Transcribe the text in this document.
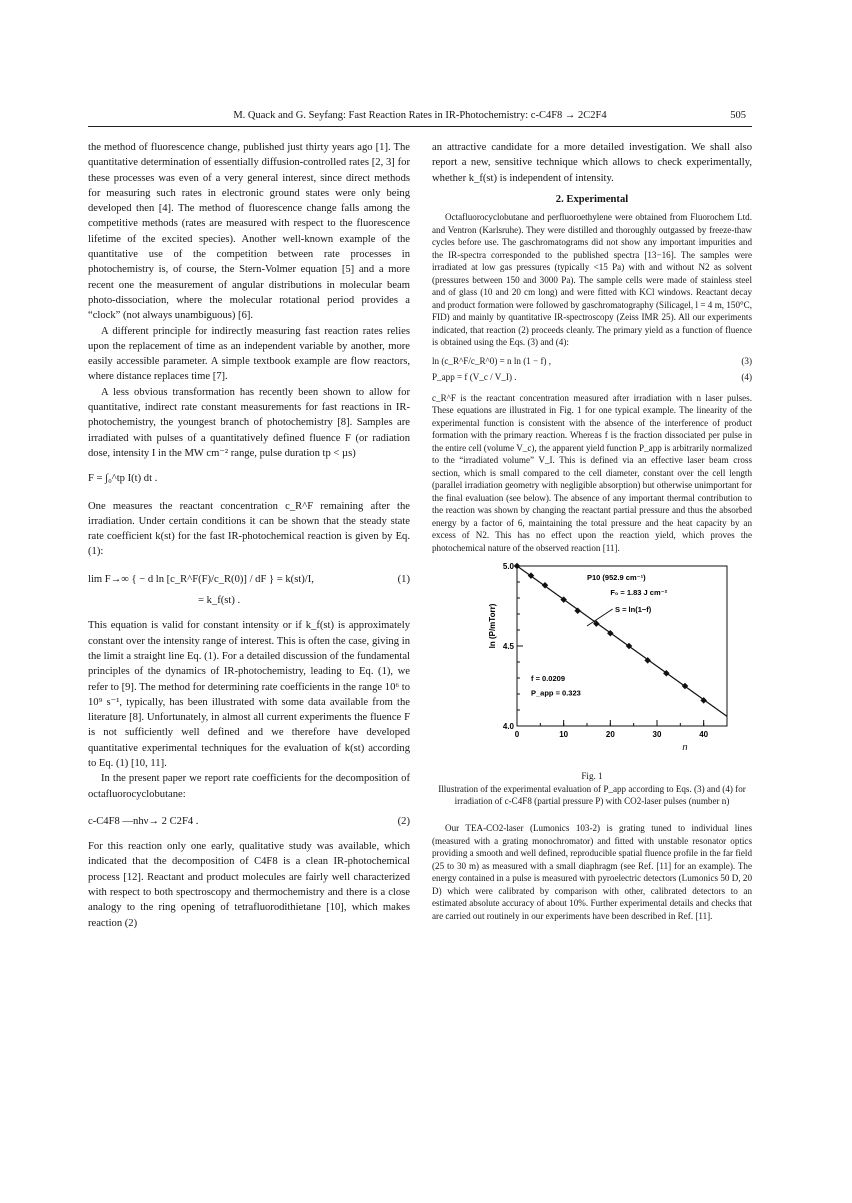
M. Quack and G. Seyfang: Fast Reaction Rates in IR-Photochemistry: c-C4F8 → 2C2F4	505

the method of fluorescence change, published just thirty years ago [1]. The quantitative determination of essentially diffusion-controlled rates [2, 3] for these processes was even of a very general interest, since direct methods for measuring such rates in electronic ground states were only being developed then [4]. The method of fluorescence change falls among the competitive methods (rates are measured with respect to the fluorescence lifetime of the excited species). Another well-known example of the quantitative use of the competition between rate processes in photochemistry is, of course, the Stern-Volmer equation [5] and a more recent one the measurement of angular distributions in molecular beam photo-dissociation, where the molecular rotational period provides a “clock” (not always unambiguous) [6].

A different principle for indirectly measuring fast reaction rates relies upon the replacement of time as an independent variable by another, more easily accessible parameter. A simple textbook example are flow reactors, where distance replaces time [7].

A less obvious transformation has recently been shown to allow for quantitative, indirect rate constant measurements for fast reactions in IR-photochemistry, the youngest branch of photochemistry [8]. Samples are irradiated with pulses of a quantitatively defined fluence F (or radiation dose, intensity I in the MW cm⁻² range, pulse duration tp < µs)

F = ∫₀^tp I(t) dt .

One measures the reactant concentration c_R^F remaining after the irradiation. Under certain conditions it can be shown that the steady state rate coefficient k(st) for the fast IR-photochemical reaction is given by Eq. (1):

lim F→∞ { − d ln [c_R^F(F)/c_R(0)] / dF } = k(st)/I,
= k_f(st) .
(1)

This equation is valid for constant intensity or if k_f(st) is approximately constant over the intensity range of interest. This is often the case, giving in the limit a straight line Eq. (1). For a detailed discussion of the fundamental principles of the dynamics of IR-photochemistry, leading to Eq. (1), we refer to [9]. The method for determining rate coefficients in the range 10⁶ to 10⁹ s⁻¹, typically, has been illustrated with some data available from the literature [8]. Unfortunately, in almost all current experiments the fluence F is not sufficiently well defined and we therefore have developed quantitative experimental techniques for the evaluation of k(st) according to Eq. (1) [10, 11].

In the present paper we report rate coefficients for the decomposition of octafluorocyclobutane:

c-C4F8 —nhν→ 2 C2F4 .	(2)

For this reaction only one early, qualitative study was available, which indicated that the decomposition of C4F8 is a clean IR-photochemical process [12]. Reactant and product molecules are fairly well characterized with respect to both spectroscopy and thermochemistry and there is a close analogy to the ring opening of tetrafluorodithietane [10], which makes reaction (2)

an attractive candidate for a more detailed investigation. We shall also report a new, sensitive technique which allows to check experimentally, whether k_f(st) is independent of intensity.

2. Experimental

Octafluorocyclobutane and perfluoroethylene were obtained from Fluorochem Ltd. and Ventron (Karlsruhe). They were distilled and thoroughly outgassed by freeze-thaw cycles before use. The gaschromatograms did not show any important impurities and the IR-spectra corresponded to the published spectra [13−16]. The samples were irradiated at low gas pressures (typically <15 Pa) with and without N2 as solvent (pressures between 150 and 3000 Pa). The sample cells were made of stainless steel and of glass (10 and 20 cm long) and were fitted with KCl windows. Reactant decay and product formation were followed by gaschromatography (Silicagel, l = 4 m, 150°C, FID) and mainly by quantitative IR-spectroscopy (Zeiss IMR 25). All our experiments indicated, that reaction (2) proceeds cleanly. The primary yield as a function of fluence is obtained using the Eqs. (3) and (4):

ln (c_R^F/c_R^0) = n ln (1 − f) ,	(3)
P_app = f (V_c / V_I) .	(4)

c_R^F is the reactant concentration measured after irradiation with n laser pulses. These equations are illustrated in Fig. 1 for one typical example. The linearity of the experimental function is consistent with the absence of the interference of product formation with the primary reaction. Whereas f is the fraction dissociated per pulse in the entire cell (volume V_c), the apparent yield function P_app is arbitrarily normalized to the “irradiated volume” V_I. This is defined via an effective laser beam cross section, which is small compared to the cell diameter, constant over the cell length (parallel irradiation geometry with negligible absorption) but otherwise unimportant for the final evaluation (see below). The absence of any important thermal contribution to the reaction was shown by changing the reactant partial pressure and thus the absorbed energy by a factor of 6, maintaining the total pressure and the heat capacity by an excess of N2. This has no effect upon the reaction yield, which proves the photochemical nature of the observed reaction [11].

0	10	20	30	40
4.0
4.5
5.0
ln (P/mTorr)
n
P10 (952.9 cm⁻¹)
F₀ = 1.83 J cm⁻²
S = ln(1−f)
f = 0.0209
P_app = 0.323
Fig. 1
Illustration of the experimental evaluation of P_app according to Eqs. (3) and (4) for irradiation of c-C4F8 (partial pressure P) with CO2-laser pulses (number n)

Our TEA-CO2-laser (Lumonics 103-2) is grating tuned to individual lines (measured with a grating monochromator) and fitted with unstable resonator optics providing a smooth and well defined, reproducible spatial fluence profile in the far field (25 to 30 m) as measured with a small diaphragm (see Ref. [11] for an example). The energy contained in a pulse is measured with pyroelectric detectors (Lumonics 50 D, 20 D) which were calibrated by comparison with other, calibrated detectors to an estimated absolute accuracy of about 10%. Further experimental details and checks that are carried out routinely in our experiments have been described in Ref. [11].
